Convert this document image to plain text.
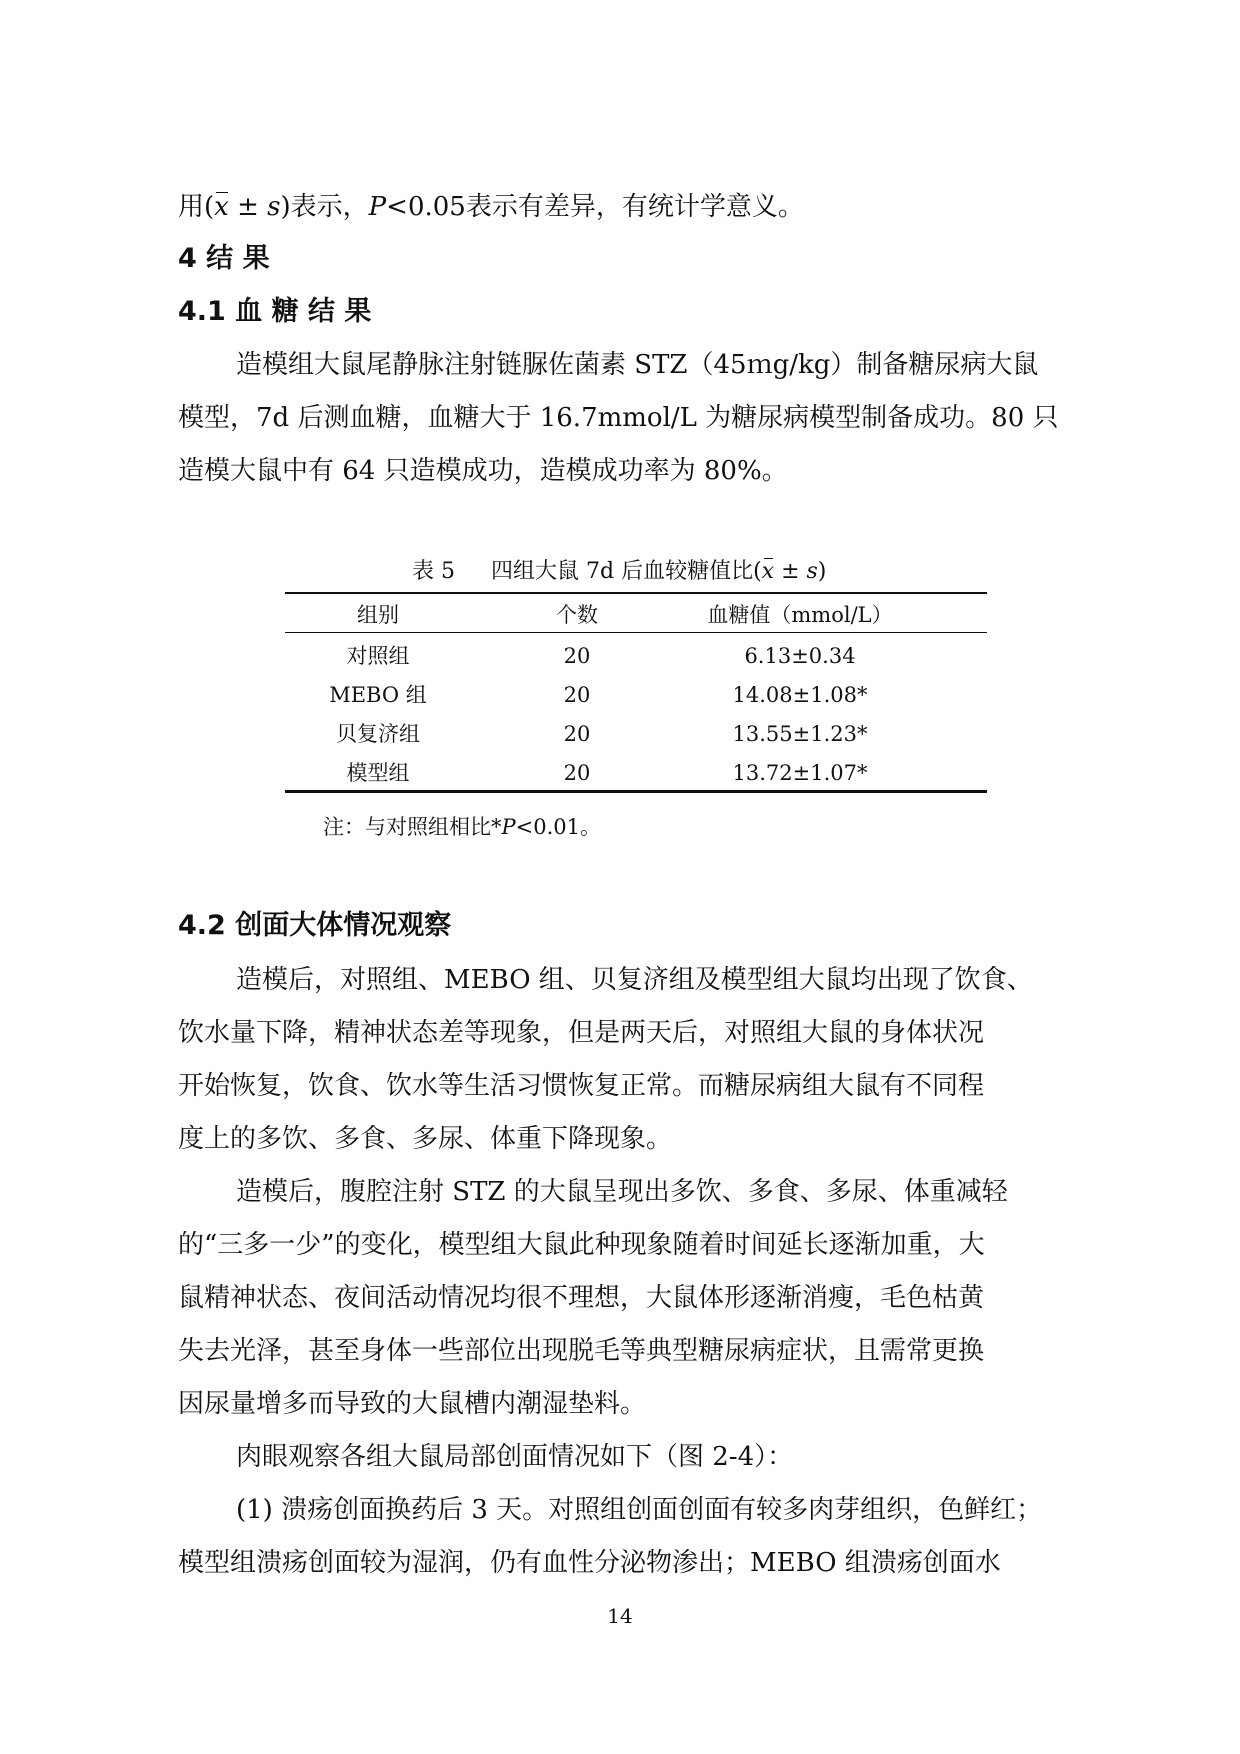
用(x ± s)表示，P<0.05表示有差异，有统计学意义。
4 结 果
4.1 血 糖 结 果
造模组大鼠尾静脉注射链脲佐菌素 STZ（45ｍg/kg）制备糖尿病大鼠
模型，7d 后测血糖，血糖大于 16.7mmol/L 为糖尿病模型制备成功。80 只
造模大鼠中有 64 只造模成功，造模成功率为 80%。
表 5 四组大鼠 7d 后血较糖值比(x ± s)
组别	个数	血糖值（mmol/L）
对照组	20	6.13±0.34
MEBO 组	20	14.08±1.08*
贝复济组	20	13.55±1.23*
模型组	20	13.72±1.07*
注：与对照组相比*P<0.01。
4.2 创面大体情况观察
造模后，对照组、MEBO 组、贝复济组及模型组大鼠均出现了饮食、
饮水量下降，精神状态差等现象，但是两天后，对照组大鼠的身体状况
开始恢复，饮食、饮水等生活习惯恢复正常。而糖尿病组大鼠有不同程
度上的多饮、多食、多尿、体重下降现象。
造模后，腹腔注射 STZ 的大鼠呈现出多饮、多食、多尿、体重减轻
的“三多一少”的变化，模型组大鼠此种现象随着时间延长逐渐加重，大
鼠精神状态、夜间活动情况均很不理想，大鼠体形逐渐消瘦，毛色枯黄
失去光泽，甚至身体一些部位出现脱毛等典型糖尿病症状，且需常更换
因尿量增多而导致的大鼠槽内潮湿垫料。
肉眼观察各组大鼠局部创面情况如下（图 2-4）：
(1) 溃疡创面换药后 3 天。对照组创面创面有较多肉芽组织，色鲜红；
模型组溃疡创面较为湿润，仍有血性分泌物渗出；MEBO 组溃疡创面水
14
